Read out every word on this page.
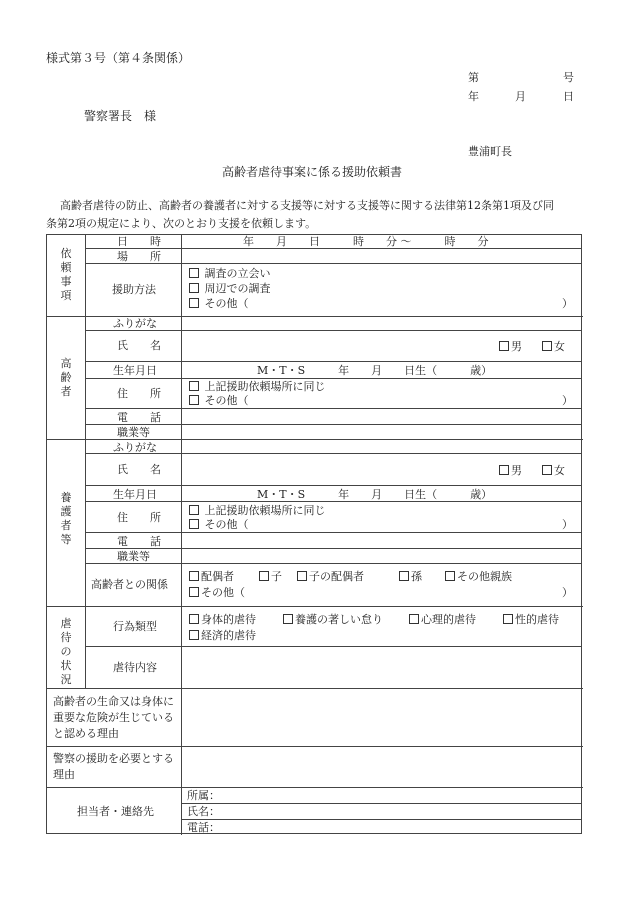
様式第３号（第４条関係）
第	号
年	月	日
警察署長　様
豊浦町長
高齢者虐待事案に係る援助依頼書
高齢者虐待の防止、高齢者の養護者に対する支援等に対する支援等に関する法律第12条第1項及び同
条第2項の規定により、次のとおり支援を依頼します。
依頼事項
日　　時	年　　月　　日　　　時　　分 ～　　　時　　分
場　　所
援助方法
調査の立会い
周辺での調査
その他（	）
高齢者
ふりがな
氏　　名	男	女
生年月日	M・T・S　　　年　　月　　日生（　　　歳）
住　　所
上記援助依頼場所に同じ
その他（	）
電　　話
職業等
養護者等
ふりがな
氏　　名	男	女
生年月日	M・T・S　　　年　　月　　日生（　　　歳）
住　　所
上記援助依頼場所に同じ
その他（	）
電　　話
職業等
高齢者との関係
配偶者	子	子の配偶者	孫	その他親族
その他（	）
虐待の状況
行為類型
身体的虐待	養護の著しい怠り	心理的虐待	性的虐待
経済的虐待
虐待内容
高齢者の生命又は身体に重要な危険が生じていると認める理由
警察の援助を必要とする理由
担当者・連絡先
所属：
氏名：
電話：
